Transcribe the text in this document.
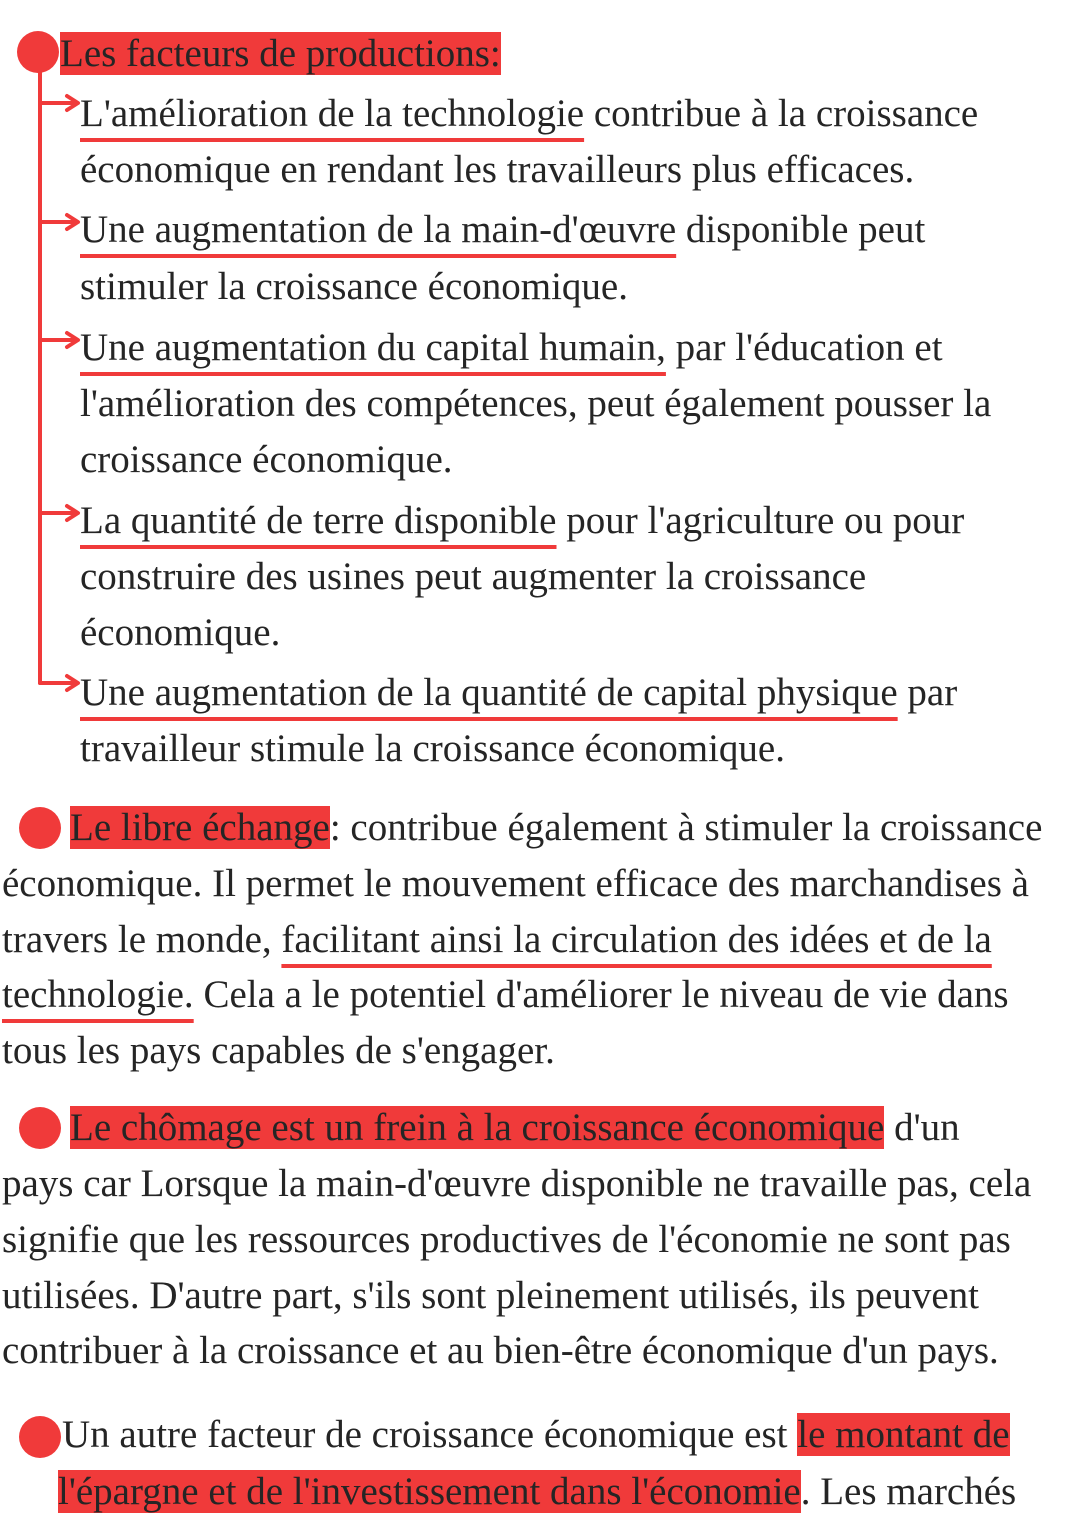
Les facteurs de productions:
L'amélioration de la technologie contribue à la croissance
économique en rendant les travailleurs plus efficaces.
Une augmentation de la main-d'œuvre disponible peut
stimuler la croissance économique.
Une augmentation du capital humain, par l'éducation et
l'amélioration des compétences, peut également pousser la
croissance économique.
La quantité de terre disponible pour l'agriculture ou pour
construire des usines peut augmenter la croissance
économique.
Une augmentation de la quantité de capital physique par
travailleur stimule la croissance économique.
Le libre échange: contribue également à stimuler la croissance
économique. Il permet le mouvement efficace des marchandises à
travers le monde, facilitant ainsi la circulation des idées et de la
technologie. Cela a le potentiel d'améliorer le niveau de vie dans
tous les pays capables de s'engager.
Le chômage est un frein à la croissance économique d'un
pays car Lorsque la main-d'œuvre disponible ne travaille pas, cela
signifie que les ressources productives de l'économie ne sont pas
utilisées. D'autre part, s'ils sont pleinement utilisés, ils peuvent
contribuer à la croissance et au bien-être économique d'un pays.
Un autre facteur de croissance économique est le montant de
l'épargne et de l'investissement dans l'économie. Les marchés
